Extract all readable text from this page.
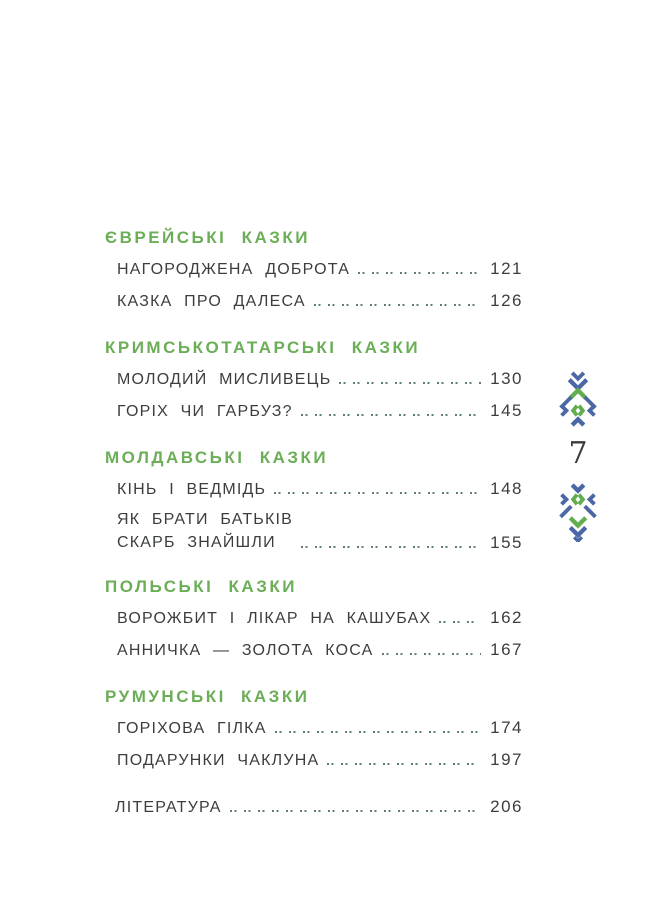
ЄВРЕЙСЬКІ КАЗКИ
НАГОРОДЖЕНА ДОБРОТА	121
КАЗКА ПРО ДАЛЕСА	126
КРИМСЬКОТАТАРСЬКІ КАЗКИ
МОЛОДИЙ МИСЛИВЕЦЬ	130
ГОРІХ ЧИ ГАРБУЗ?	145
МОЛДАВСЬКІ КАЗКИ
КІНЬ І ВЕДМІДЬ	148
ЯК БРАТИ БАТЬКІВ
СКАРБ ЗНАЙШЛИ	155
ПОЛЬСЬКІ КАЗКИ
ВОРОЖБИТ І ЛІКАР НА КАШУБАХ	162
АННИЧКА — ЗОЛОТА КОСА	167
РУМУНСЬКІ КАЗКИ
ГОРІХОВА ГІЛКА	174
ПОДАРУНКИ ЧАКЛУНА	197
ЛІТЕРАТУРА	206
7
